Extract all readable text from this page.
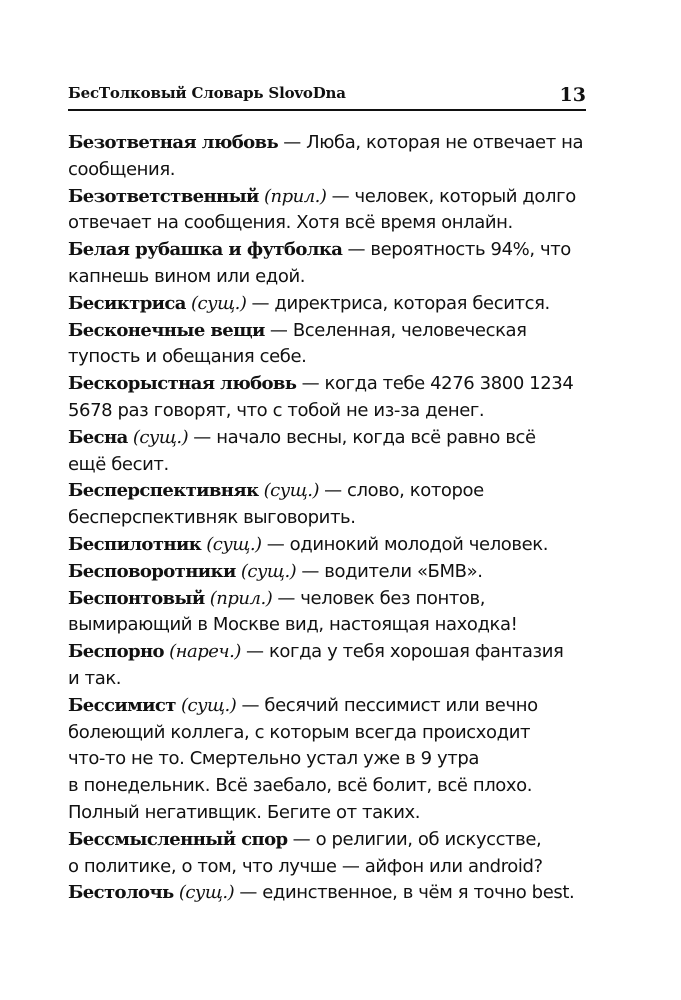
БесТолковый Словарь SlovoDna	13
Безответная любовь — Люба, которая не отвечает на
сообщения.
Безответственный (прил.) — человек, который долго
отвечает на сообщения. Хотя всё время онлайн.
Белая рубашка и футболка — вероятность 94%, что
капнешь вином или едой.
Бесиктриса (сущ.) — директриса, которая бесится.
Бесконечные вещи — Вселенная, человеческая
тупость и обещания себе.
Бескорыстная любовь — когда тебе 4276 3800 1234
5678 раз говорят, что с тобой не из-за денег.
Бесна (сущ.) — начало весны, когда всё равно всё
ещё бесит.
Бесперспективняк (сущ.) — слово, которое
бесперспективняк выговорить.
Беспилотник (сущ.) — одинокий молодой человек.
Бесповоротники (сущ.) — водители «БМВ».
Беспонтовый (прил.) — человек без понтов,
вымирающий в Москве вид, настоящая находка!
Беспорно (нареч.) — когда у тебя хорошая фантазия
и так.
Бессимист (сущ.) — бесячий пессимист или вечно
болеющий коллега, с которым всегда происходит
что-то не то. Смертельно устал уже в 9 утра
в понедельник. Всё заебало, всё болит, всё плохо.
Полный негативщик. Бегите от таких.
Бессмысленный спор — о религии, об искусстве,
о политике, о том, что лучше — айфон или android?
Бестолочь (сущ.) — единственное, в чём я точно best.
